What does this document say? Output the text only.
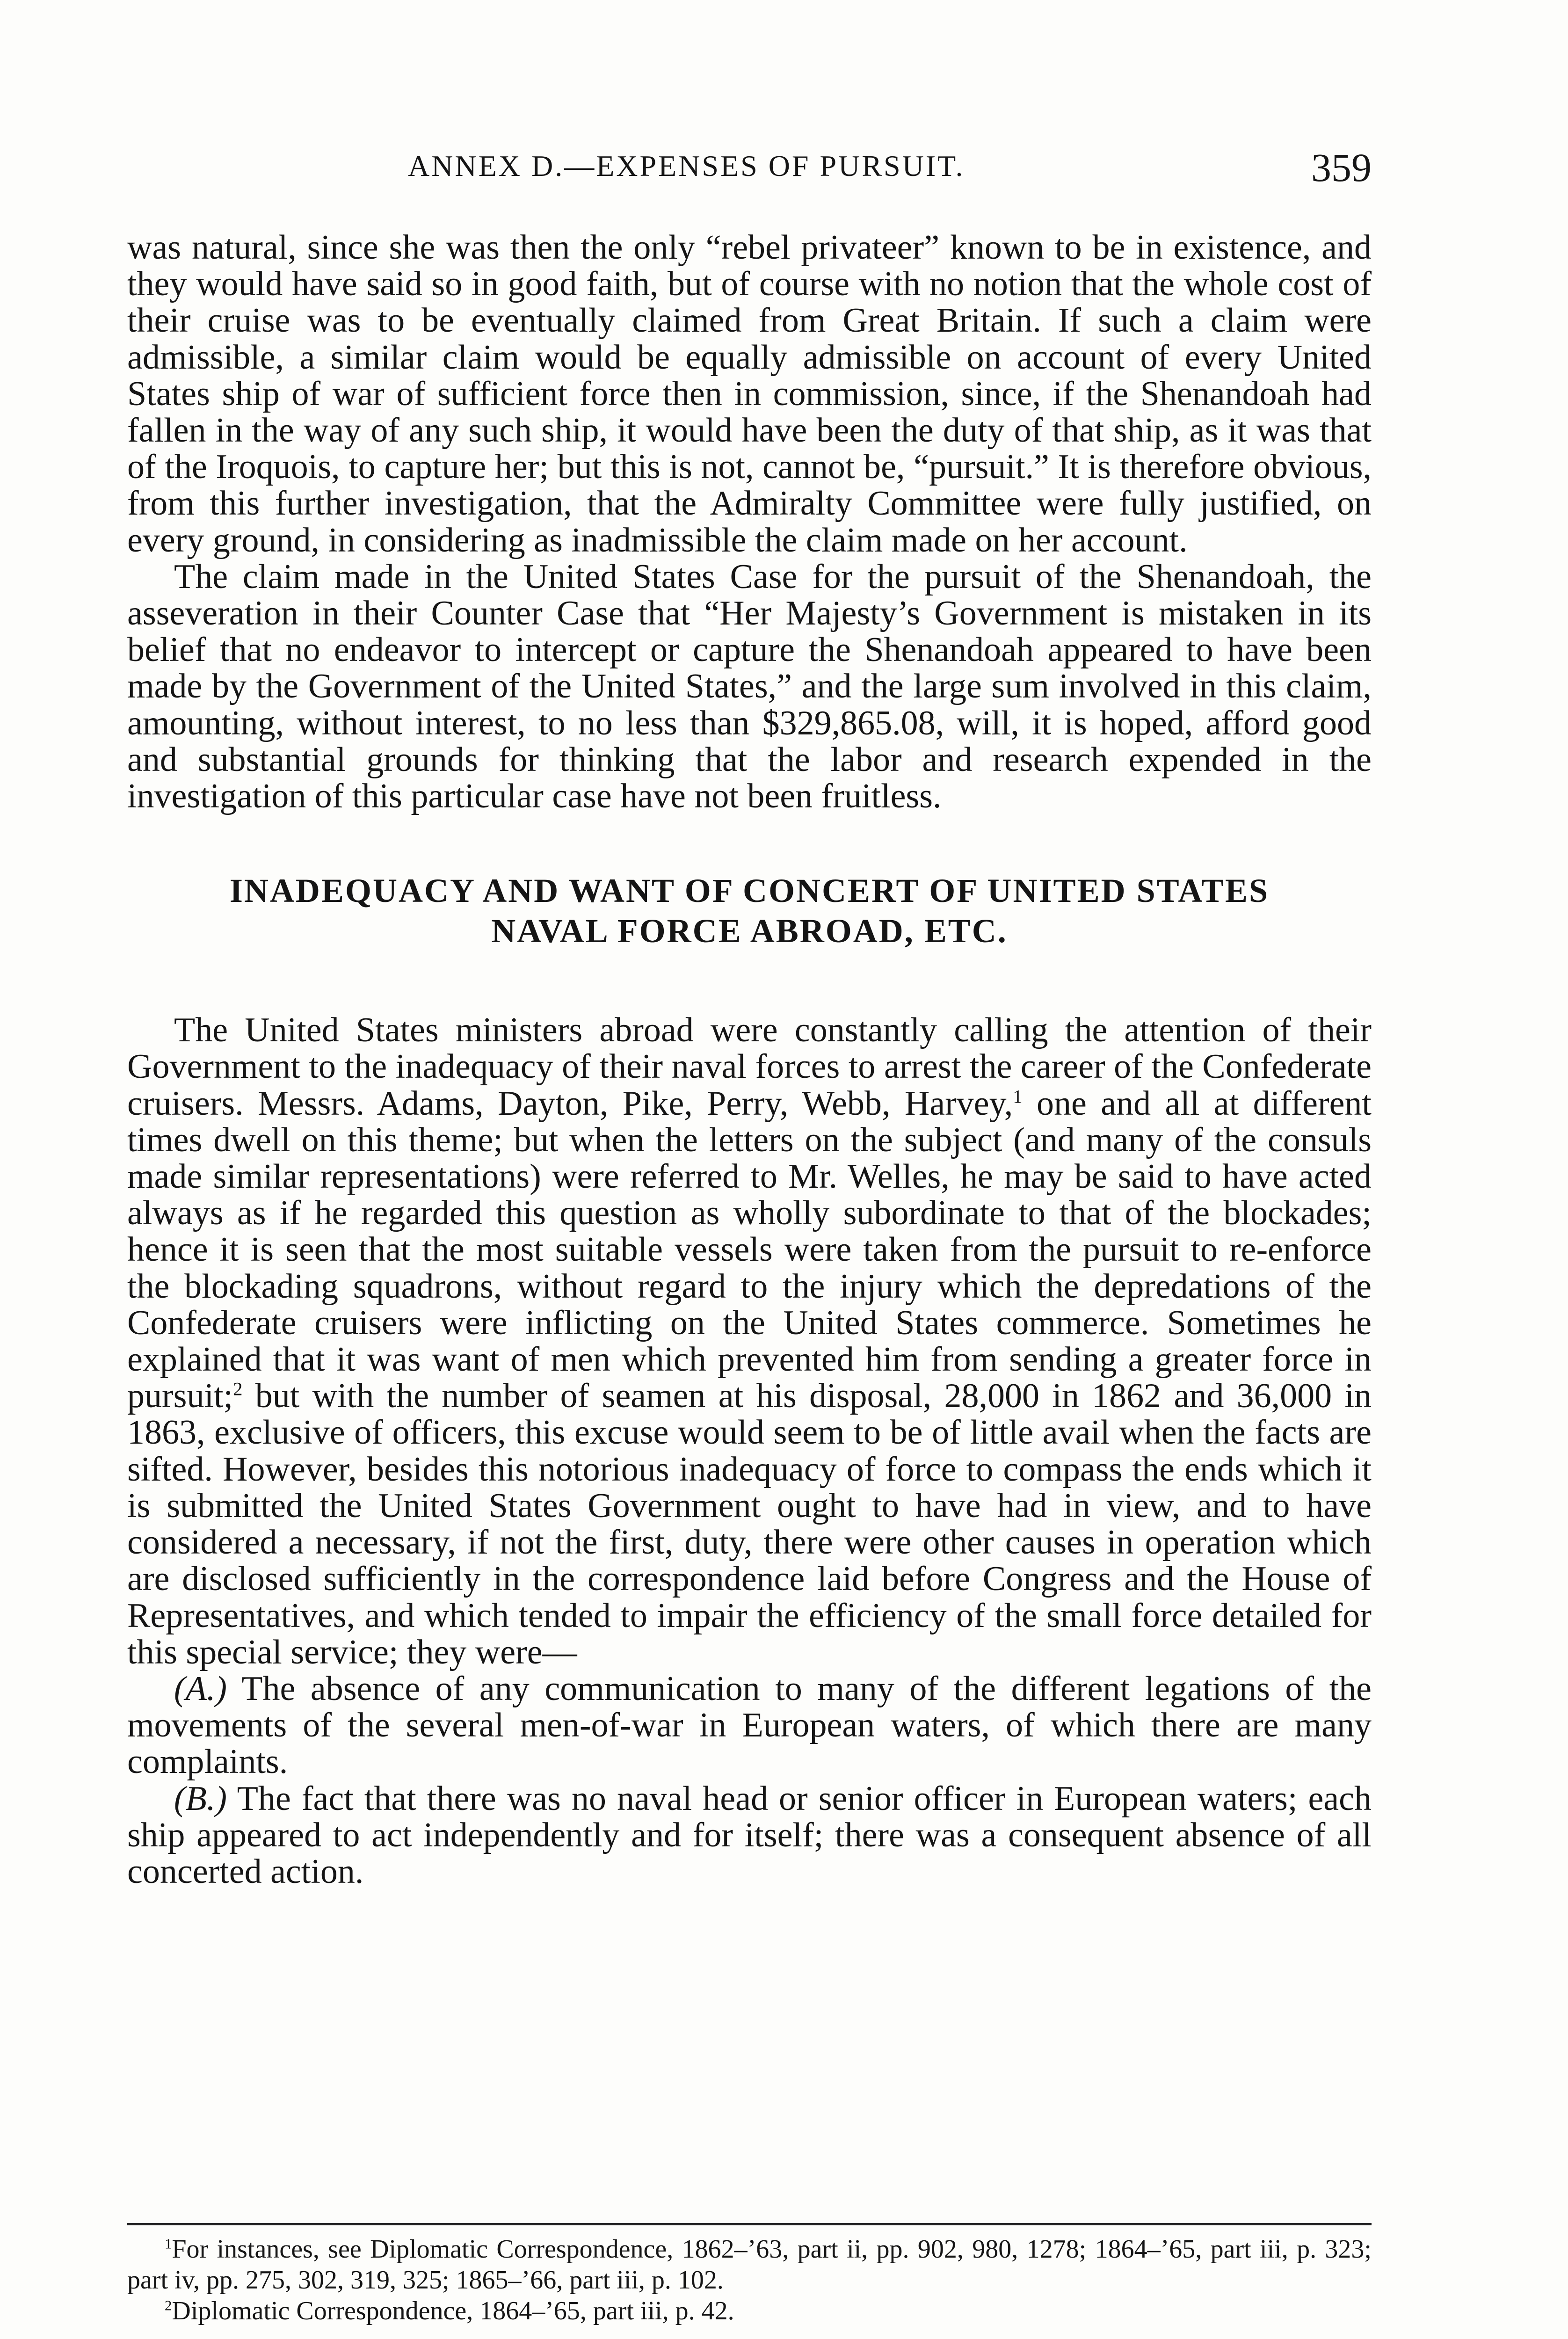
ANNEX D.—EXPENSES OF PURSUIT.	359

was natural, since she was then the only “rebel privateer” known to be in existence, and they would have said so in good faith, but of course with no notion that the whole cost of their cruise was to be eventually claimed from Great Britain. If such a claim were admissible, a similar claim would be equally admissible on account of every United States ship of war of sufficient force then in commission, since, if the Shenandoah had fallen in the way of any such ship, it would have been the duty of that ship, as it was that of the Iroquois, to capture her; but this is not, cannot be, “pursuit.” It is therefore obvious, from this further investigation, that the Admiralty Committee were fully justified, on every ground, in considering as inadmissible the claim made on her account.

The claim made in the United States Case for the pursuit of the Shenandoah, the asseveration in their Counter Case that “Her Majesty’s Government is mistaken in its belief that no endeavor to intercept or capture the Shenandoah appeared to have been made by the Government of the United States,” and the large sum involved in this claim, amounting, without interest, to no less than $329,865.08, will, it is hoped, afford good and substantial grounds for thinking that the labor and research expended in the investigation of this particular case have not been fruitless.

INADEQUACY AND WANT OF CONCERT OF UNITED STATES
NAVAL FORCE ABROAD, ETC.

The United States ministers abroad were constantly calling the attention of their Government to the inadequacy of their naval forces to arrest the career of the Confederate cruisers. Messrs. Adams, Dayton, Pike, Perry, Webb, Harvey,$^1$ one and all at different times dwell on this theme; but when the letters on the subject (and many of the consuls made similar representations) were referred to Mr. Welles, he may be said to have acted always as if he regarded this question as wholly subordinate to that of the blockades; hence it is seen that the most suitable vessels were taken from the pursuit to re-enforce the blockading squadrons, without regard to the injury which the depredations of the Confederate cruisers were inflicting on the United States commerce. Sometimes he explained that it was want of men which prevented him from sending a greater force in pursuit;$^2$ but with the number of seamen at his disposal, 28,000 in 1862 and 36,000 in 1863, exclusive of officers, this excuse would seem to be of little avail when the facts are sifted. However, besides this notorious inadequacy of force to compass the ends which it is submitted the United States Government ought to have had in view, and to have considered a necessary, if not the first, duty, there were other causes in operation which are disclosed sufficiently in the correspondence laid before Congress and the House of Representatives, and which tended to impair the efficiency of the small force detailed for this special service; they were—

(A.) The absence of any communication to many of the different legations of the movements of the several men-of-war in European waters, of which there are many complaints.

(B.) The fact that there was no naval head or senior officer in European waters; each ship appeared to act independently and for itself; there was a consequent absence of all concerted action.

$^1$For instances, see Diplomatic Correspondence, 1862–’63, part ii, pp. 902, 980, 1278; 1864–’65, part iii, p. 323; part iv, pp. 275, 302, 319, 325; 1865–’66, part iii, p. 102.

$^2$Diplomatic Correspondence, 1864–’65, part iii, p. 42.
